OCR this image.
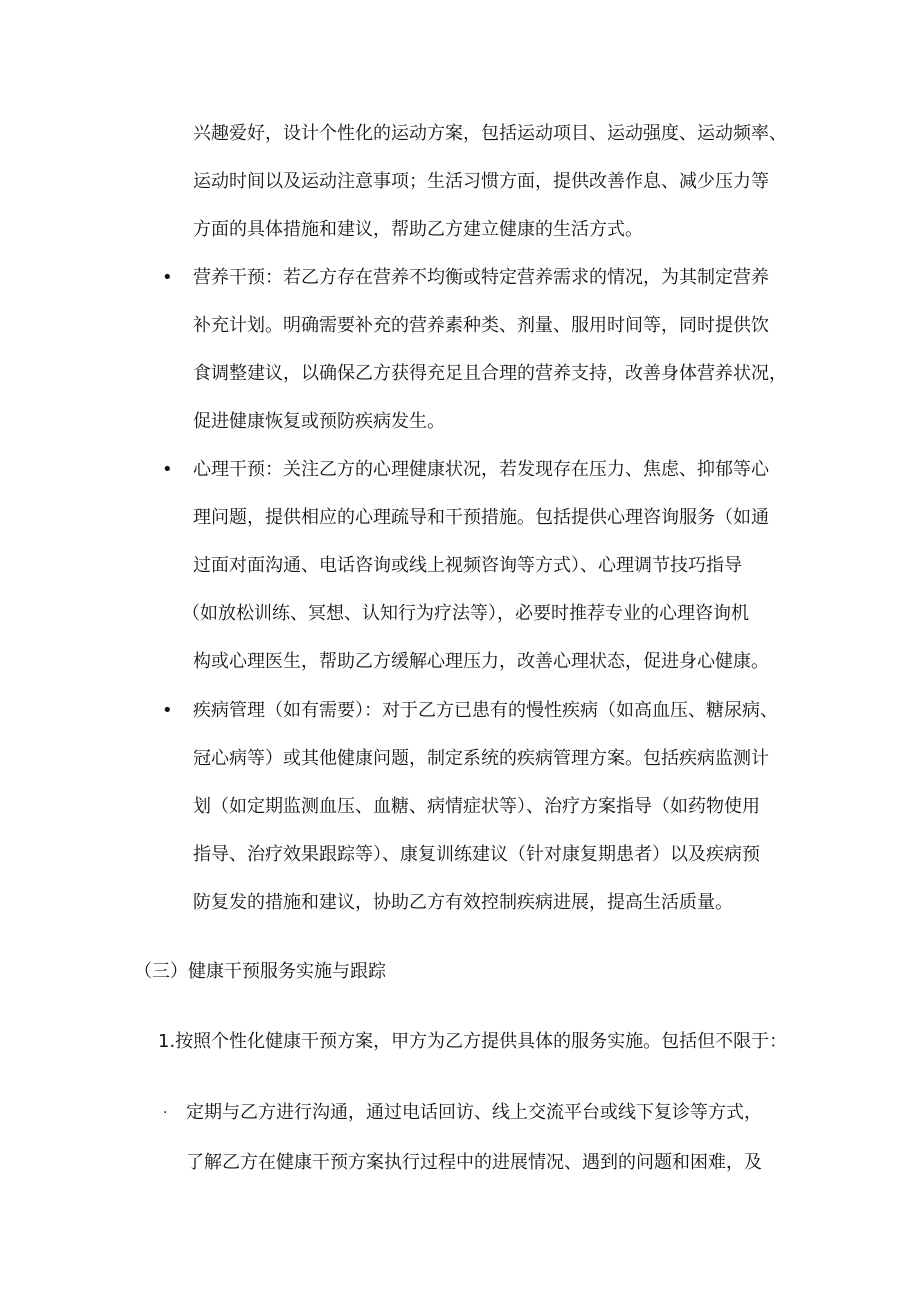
兴趣爱好，设计个性化的运动方案，包括运动项目、运动强度、运动频率、
运动时间以及运动注意事项；生活习惯方面，提供改善作息、减少压力等
方面的具体措施和建议，帮助乙方建立健康的生活方式。
• 营养干预：若乙方存在营养不均衡或特定营养需求的情况，为其制定营养
补充计划。明确需要补充的营养素种类、剂量、服用时间等，同时提供饮
食调整建议，以确保乙方获得充足且合理的营养支持，改善身体营养状况，
促进健康恢复或预防疾病发生。
• 心理干预：关注乙方的心理健康状况，若发现存在压力、焦虑、抑郁等心
理问题，提供相应的心理疏导和干预措施。包括提供心理咨询服务（如通
过面对面沟通、电话咨询或线上视频咨询等方式）、心理调节技巧指导
（如放松训练、冥想、认知行为疗法等），必要时推荐专业的心理咨询机
构或心理医生，帮助乙方缓解心理压力，改善心理状态，促进身心健康。
• 疾病管理（如有需要）：对于乙方已患有的慢性疾病（如高血压、糖尿病、
冠心病等）或其他健康问题，制定系统的疾病管理方案。包括疾病监测计
划（如定期监测血压、血糖、病情症状等）、治疗方案指导（如药物使用
指导、治疗效果跟踪等）、康复训练建议（针对康复期患者）以及疾病预
防复发的措施和建议，协助乙方有效控制疾病进展，提高生活质量。
（三）健康干预服务实施与跟踪
1.按照个性化健康干预方案，甲方为乙方提供具体的服务实施。包括但不限于：
· 定期与乙方进行沟通，通过电话回访、线上交流平台或线下复诊等方式，
了解乙方在健康干预方案执行过程中的进展情况、遇到的问题和困难，及
